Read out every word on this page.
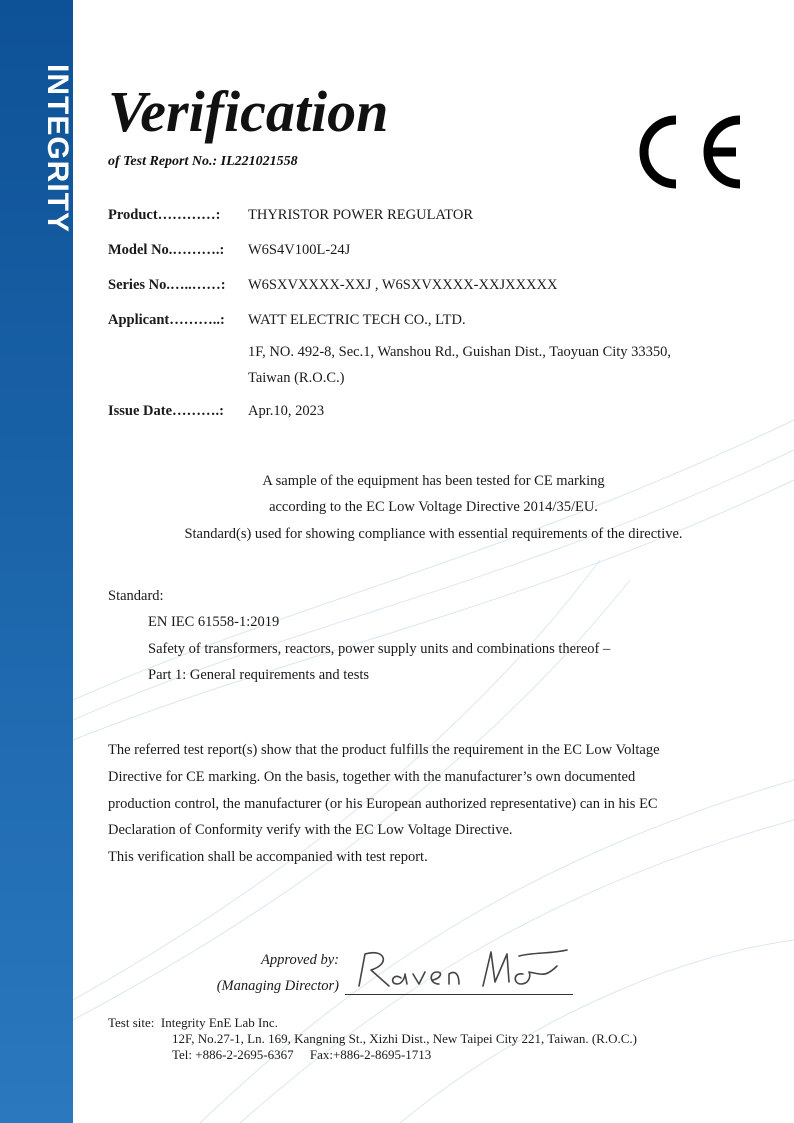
INTEGRITY Verification
of Test Report No.: IL221021558
Product…………: THYRISTOR POWER REGULATOR
Model No.……….: W6S4V100L-24J
Series No.…..……: W6SXVXXXX-XXJ , W6SXVXXXX-XXJXXXXX
Applicant………..: WATT ELECTRIC TECH CO., LTD.
1F, NO. 492-8, Sec.1, Wanshou Rd., Guishan Dist., Taoyuan City 33350,
Taiwan (R.O.C.)
Issue Date……….: Apr.10, 2023
A sample of the equipment has been tested for CE marking
according to the EC Low Voltage Directive 2014/35/EU.
Standard(s) used for showing compliance with essential requirements of the directive.
Standard:
EN IEC 61558-1:2019
Safety of transformers, reactors, power supply units and combinations thereof –
Part 1: General requirements and tests
The referred test report(s) show that the product fulfills the requirement in the EC Low Voltage
Directive for CE marking. On the basis, together with the manufacturer’s own documented
production control, the manufacturer (or his European authorized representative) can in his EC
Declaration of Conformity verify with the EC Low Voltage Directive.
This verification shall be accompanied with test report.
Approved by:
(Managing Director)
Test site: Integrity EnE Lab Inc.
12F, No.27-1, Ln. 169, Kangning St., Xizhi Dist., New Taipei City 221, Taiwan. (R.O.C.)
Tel: +886-2-2695-6367 Fax:+886-2-8695-1713
